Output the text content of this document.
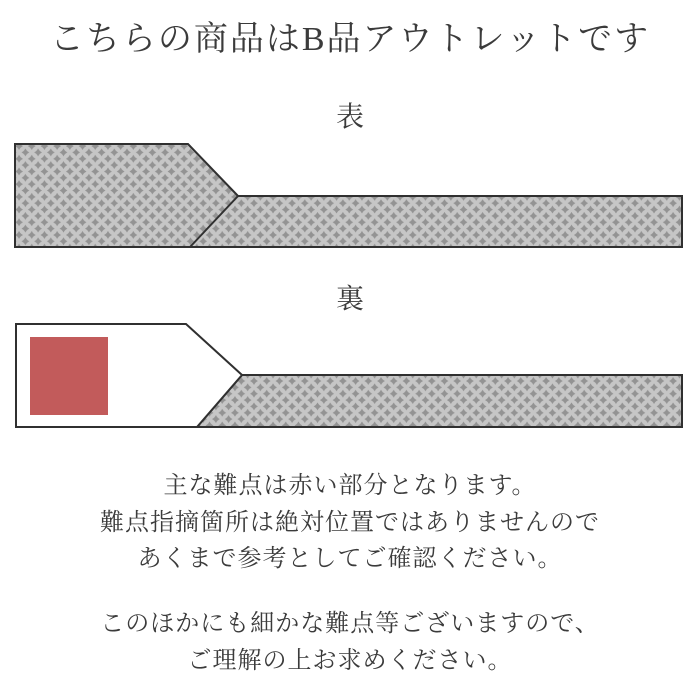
こちらの商品はB品アウトレットです
表
裏
主な難点は赤い部分となります。
難点指摘箇所は絶対位置ではありませんので
あくまで参考としてご確認ください。
このほかにも細かな難点等ございますので、
ご理解の上お求めください。
